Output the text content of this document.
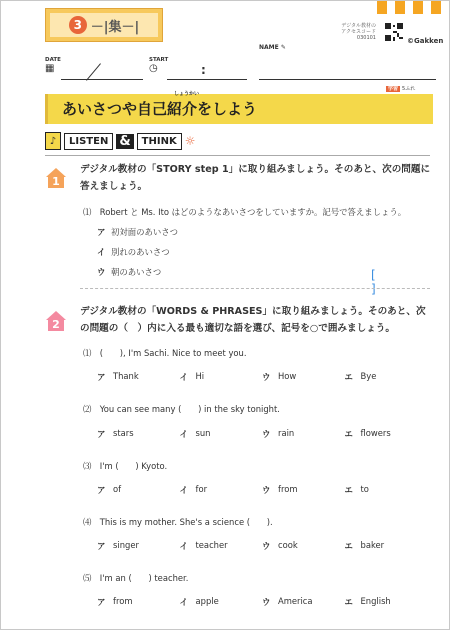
3 －|集－|	デジタル教材の
アクセスコード
030101	©Gakken
NAME ✎
DATE
▦
START
◷	:
学習 5ふれ
あいさつや自己紹介をしよう
しょうかい
♪	LISTEN &	THINK ☼
1
デジタル教材の「STORY step 1」に取り組みましょう。そのあと、次の問題に答えましょう。
⑴　Robert と Ms. Ito はどのようなあいさつをしていますか。記号で答えましょう。
ア 初対面のあいさつ
イ 別れのあいさつ
ウ 朝のあいさつ	[ ]
2
デジタル教材の「WORDS & PHRASES」に取り組みましょう。そのあと、次の問題の（　）内に入る最も適切な語を選び、記号を○で囲みましょう。
⑴　(　　), I'm Sachi. Nice to meet you.
ア Thank	イ Hi	ウ How	エ Bye
⑵　You can see many (　　) in the sky tonight.
ア stars	イ sun	ウ rain	エ flowers
⑶　I'm (　　) Kyoto.
ア of	イ for	ウ from	エ to
⑷　This is my mother. She's a science (　　).
ア singer	イ teacher	ウ cook	エ baker
⑸　I'm an (　　) teacher.
ア from	イ apple	ウ America	エ English
